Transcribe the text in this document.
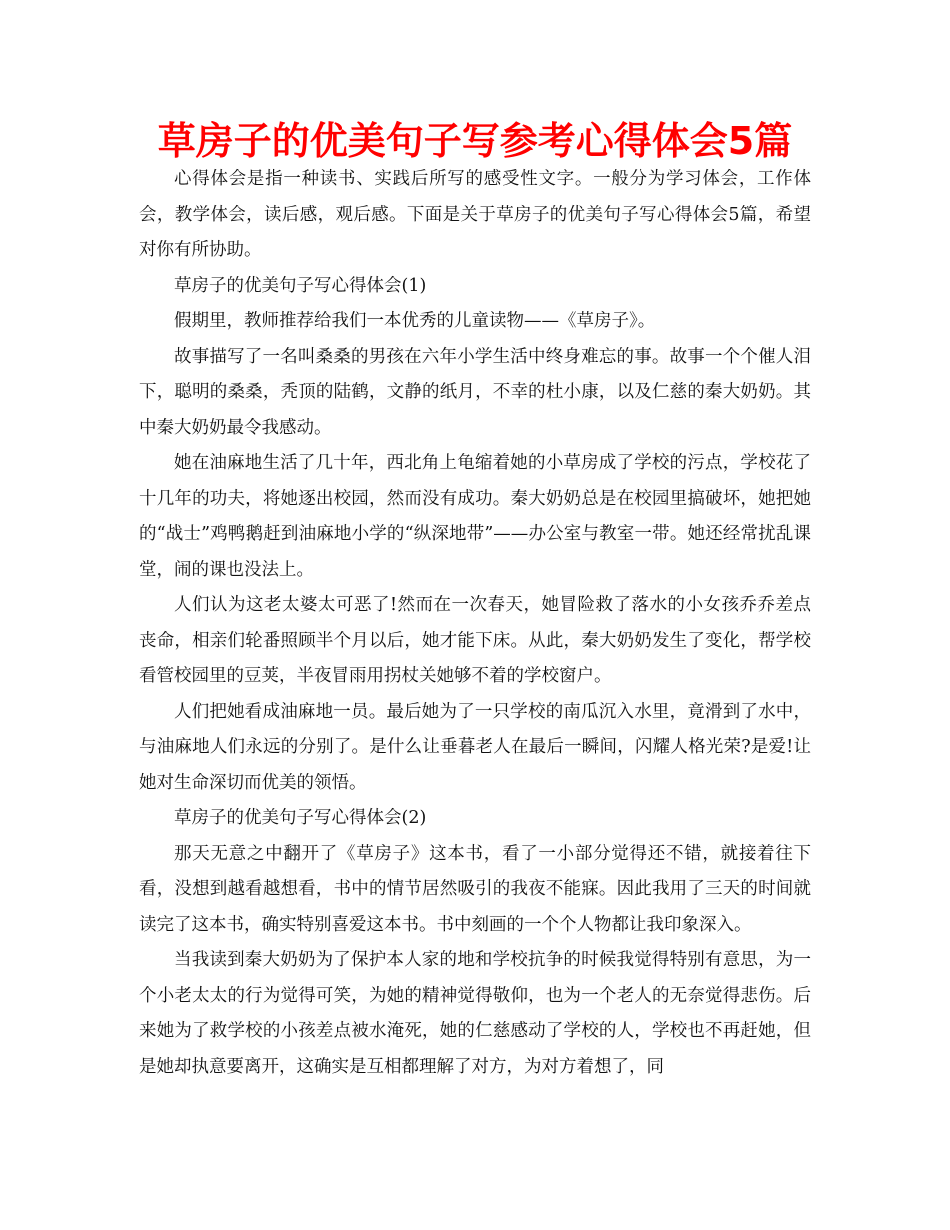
草房子的优美句子写参考心得体会5篇

心得体会是指一种读书、实践后所写的感受性文字。一般分为学习体会，工作体会，教学体会，读后感，观后感。下面是关于草房子的优美句子写心得体会5篇，希望对你有所协助。

草房子的优美句子写心得体会(1)

假期里，教师推荐给我们一本优秀的儿童读物——《草房子》。

故事描写了一名叫桑桑的男孩在六年小学生活中终身难忘的事。故事一个个催人泪下，聪明的桑桑，秃顶的陆鹤，文静的纸月，不幸的杜小康，以及仁慈的秦大奶奶。其中秦大奶奶最令我感动。

她在油麻地生活了几十年，西北角上龟缩着她的小草房成了学校的污点，学校花了十几年的功夫，将她逐出校园，然而没有成功。秦大奶奶总是在校园里搞破坏，她把她的“战士”鸡鸭鹅赶到油麻地小学的“纵深地带”——办公室与教室一带。她还经常扰乱课堂，闹的课也没法上。

人们认为这老太婆太可恶了!然而在一次春天，她冒险救了落水的小女孩乔乔差点丧命，相亲们轮番照顾半个月以后，她才能下床。从此，秦大奶奶发生了变化，帮学校看管校园里的豆荚，半夜冒雨用拐杖关她够不着的学校窗户。

人们把她看成油麻地一员。最后她为了一只学校的南瓜沉入水里，竟滑到了水中，与油麻地人们永远的分别了。是什么让垂暮老人在最后一瞬间，闪耀人格光荣?是爱!让她对生命深切而优美的领悟。

草房子的优美句子写心得体会(2)

那天无意之中翻开了《草房子》这本书，看了一小部分觉得还不错，就接着往下看，没想到越看越想看，书中的情节居然吸引的我夜不能寐。因此我用了三天的时间就读完了这本书，确实特别喜爱这本书。书中刻画的一个个人物都让我印象深入。

当我读到秦大奶奶为了保护本人家的地和学校抗争的时候我觉得特别有意思，为一个小老太太的行为觉得可笑，为她的精神觉得敬仰，也为一个老人的无奈觉得悲伤。后来她为了救学校的小孩差点被水淹死，她的仁慈感动了学校的人，学校也不再赶她，但是她却执意要离开，这确实是互相都理解了对方，为对方着想了，同
